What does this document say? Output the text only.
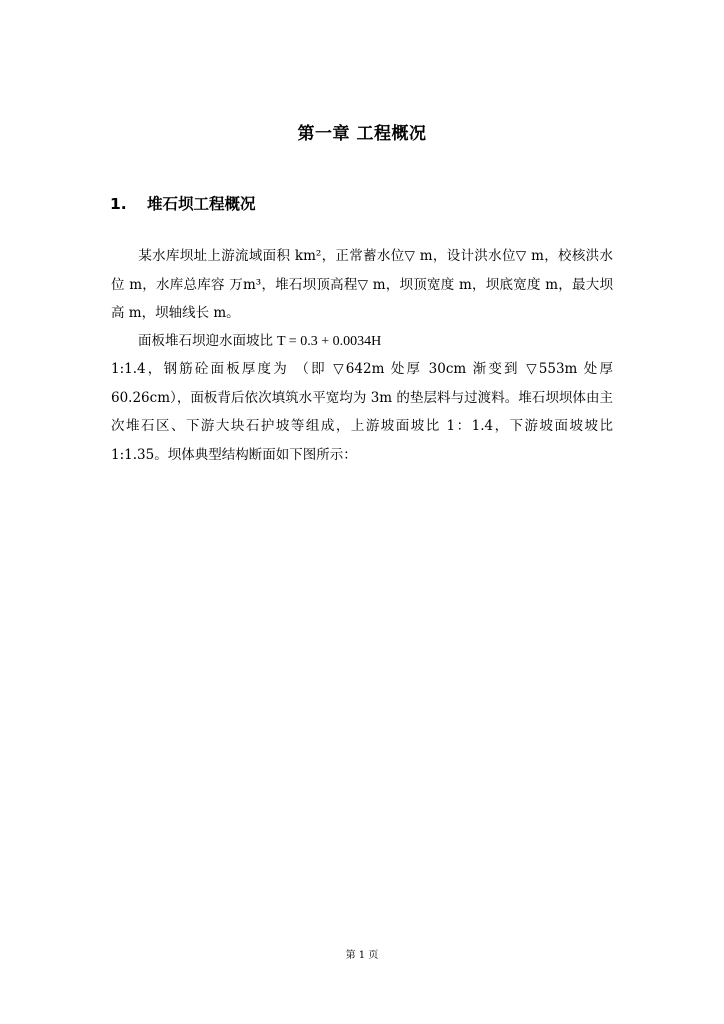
第一章 工程概况
1. 堆石坝工程概况
某水库坝址上游流域面积 km²，正常蓄水位▽ m，设计洪水位▽ m，校核洪水位 m，水库总库容 万m³，堆石坝顶高程▽ m，坝顶宽度 m，坝底宽度 m，最大坝高 m，坝轴线长 m。
面板堆石坝迎水面坡比 T = 0.3 + 0.0034H
1:1.4，钢筋砼面板厚度为 （即 ▽642m 处厚 30cm 渐变到 ▽553m 处厚 60.26cm），面板背后依次填筑水平宽均为 3m 的垫层料与过渡料。堆石坝坝体由主次堆石区、下游大块石护坡等组成，上游坡面坡比 1：1.4，下游坡面坡坡比 1:1.35。坝体典型结构断面如下图所示：
第 1 页
